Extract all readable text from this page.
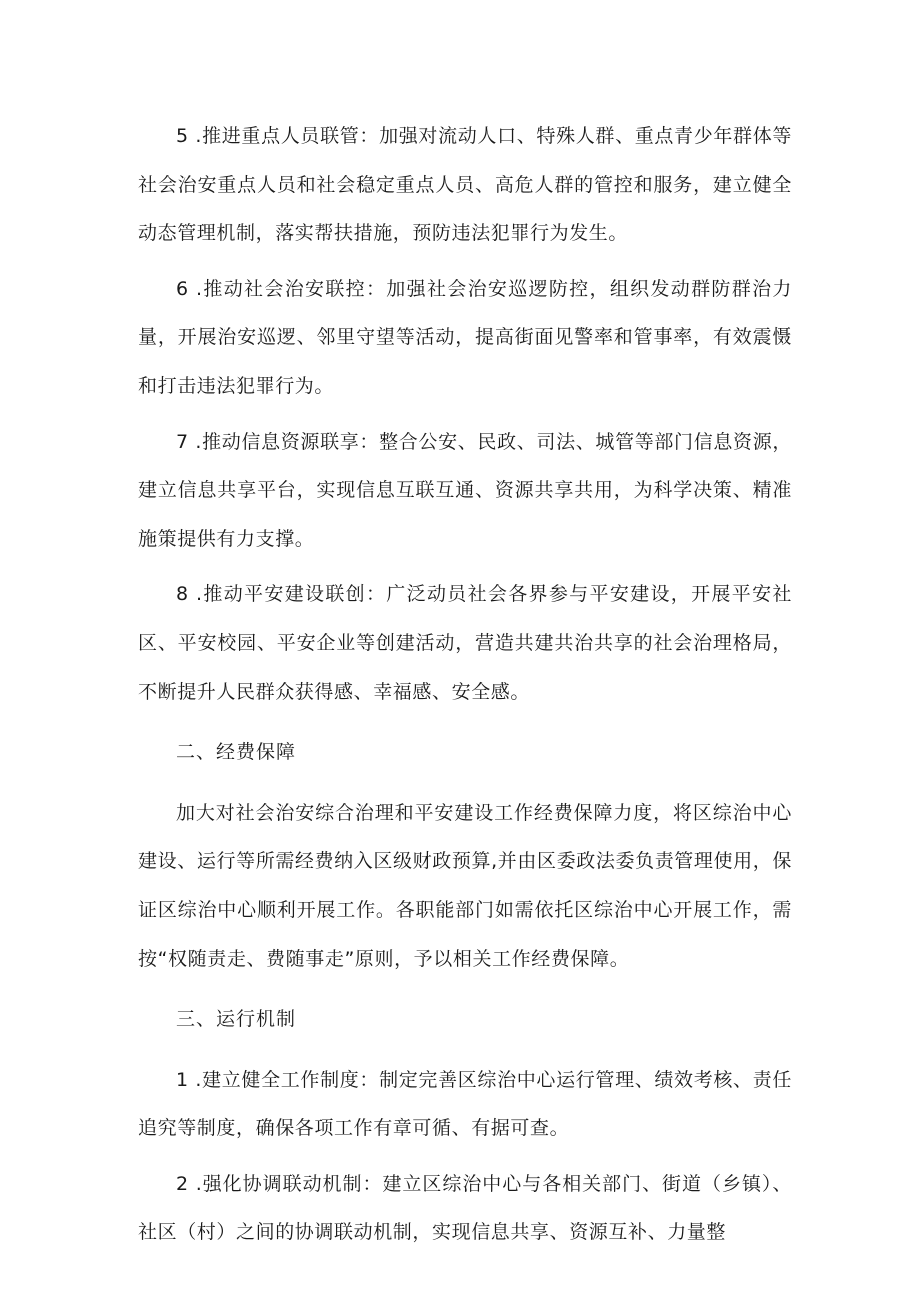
5 .推进重点人员联管：加强对流动人口、特殊人群、重点青少年群体等社会治安重点人员和社会稳定重点人员、高危人群的管控和服务，建立健全动态管理机制，落实帮扶措施，预防违法犯罪行为发生。

6 .推动社会治安联控：加强社会治安巡逻防控，组织发动群防群治力量，开展治安巡逻、邻里守望等活动，提高街面见警率和管事率，有效震慑和打击违法犯罪行为。

7 .推动信息资源联享：整合公安、民政、司法、城管等部门信息资源，建立信息共享平台，实现信息互联互通、资源共享共用，为科学决策、精准施策提供有力支撑。

8 .推动平安建设联创：广泛动员社会各界参与平安建设，开展平安社区、平安校园、平安企业等创建活动，营造共建共治共享的社会治理格局，不断提升人民群众获得感、幸福感、安全感。

二、经费保障

加大对社会治安综合治理和平安建设工作经费保障力度，将区综治中心建设、运行等所需经费纳入区级财政预算,并由区委政法委负责管理使用，保证区综治中心顺利开展工作。各职能部门如需依托区综治中心开展工作，需按“权随责走、费随事走”原则，予以相关工作经费保障。

三、运行机制

1 .建立健全工作制度：制定完善区综治中心运行管理、绩效考核、责任追究等制度，确保各项工作有章可循、有据可查。

2 .强化协调联动机制：建立区综治中心与各相关部门、街道（乡镇）、社区（村）之间的协调联动机制，实现信息共享、资源互补、力量整
